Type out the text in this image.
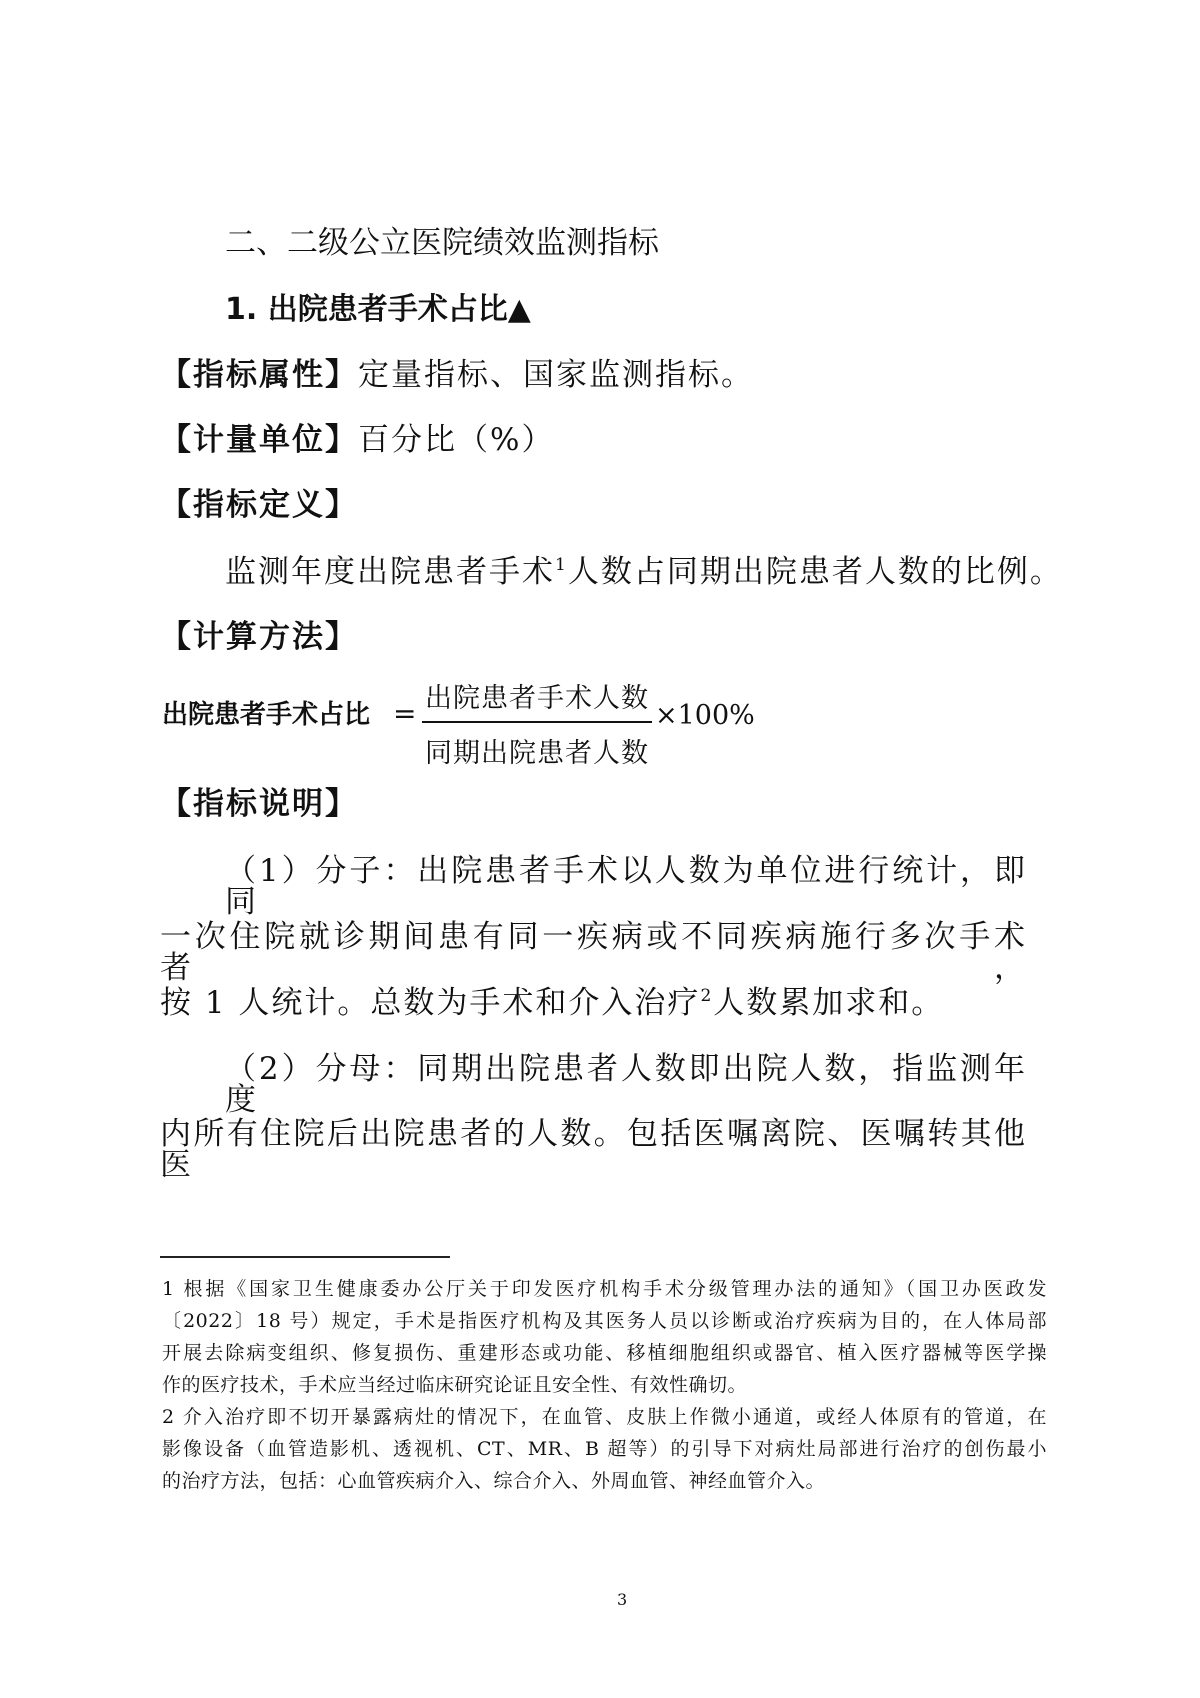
二、二级公立医院绩效监测指标
1. 出院患者手术占比▲
【指标属性】定量指标、国家监测指标。
【计量单位】百分比（%）
【指标定义】
监测年度出院患者手术$^1$人数占同期出院患者人数的比例。
【计算方法】
出院患者手术占比 = 出院患者手术人数
同期出院患者人数
×100%
【指标说明】
（1）分子：出院患者手术以人数为单位进行统计，即同
一次住院就诊期间患有同一疾病或不同疾病施行多次手术者，
按 1 人统计。总数为手术和介入治疗$^2$人数累加求和。
（2）分母：同期出院患者人数即出院人数，指监测年度
内所有住院后出院患者的人数。包括医嘱离院、医嘱转其他医
1 根据《国家卫生健康委办公厅关于印发医疗机构手术分级管理办法的通知》（国卫办医政发
〔2022〕18 号）规定，手术是指医疗机构及其医务人员以诊断或治疗疾病为目的，在人体局部
开展去除病变组织、修复损伤、重建形态或功能、移植细胞组织或器官、植入医疗器械等医学操
作的医疗技术，手术应当经过临床研究论证且安全性、有效性确切。
2 介入治疗即不切开暴露病灶的情况下，在血管、皮肤上作微小通道，或经人体原有的管道，在
影像设备（血管造影机、透视机、CT、MR、B 超等）的引导下对病灶局部进行治疗的创伤最小
的治疗方法，包括：心血管疾病介入、综合介入、外周血管、神经血管介入。
3
